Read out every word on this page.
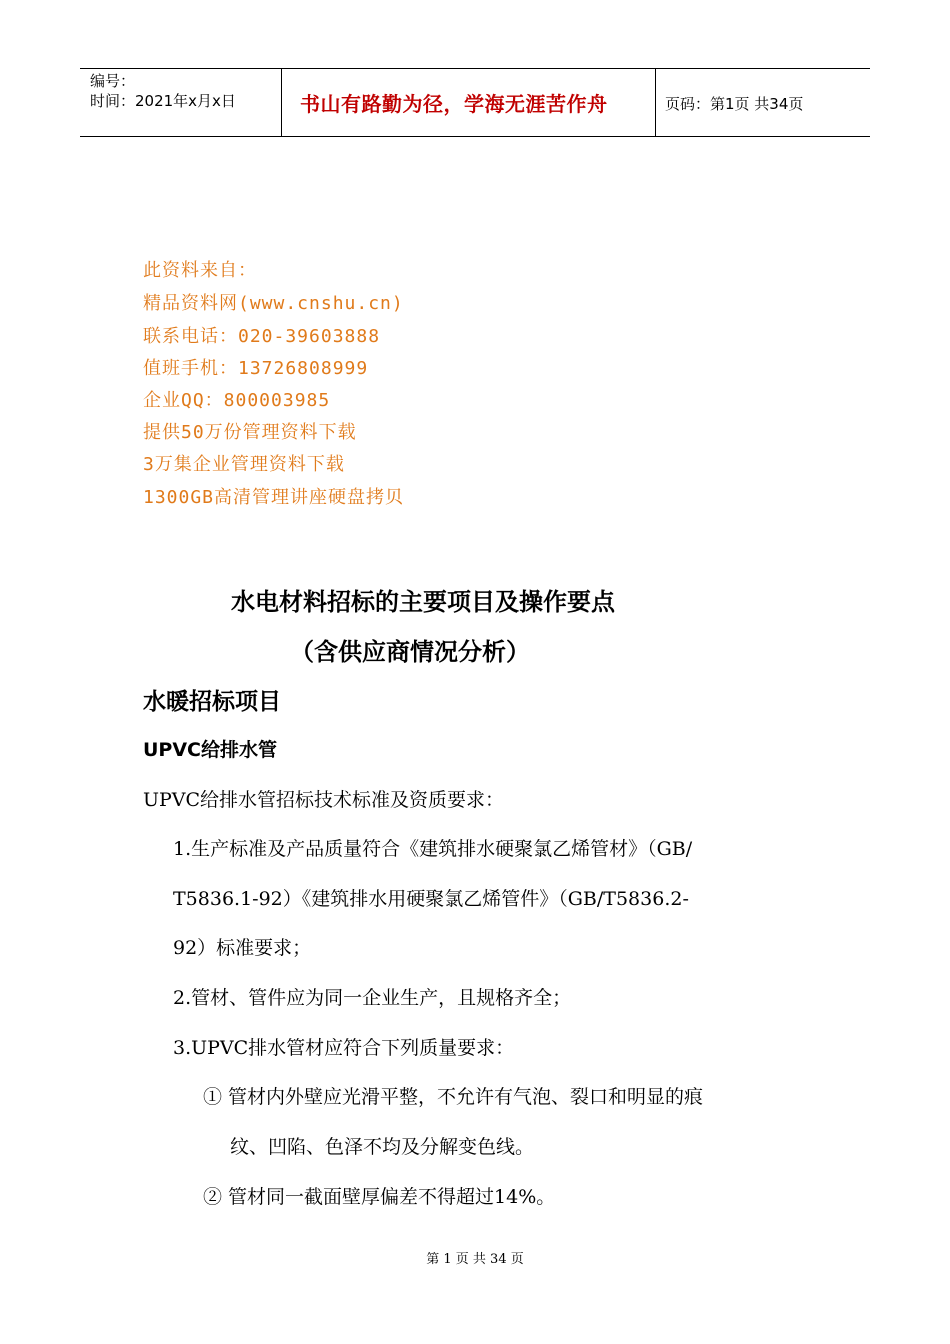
编号：
时间：2021年x月x日	书山有路勤为径，学海无涯苦作舟	页码：第1页 共34页
此资料来自：
精品资料网(www.cnshu.cn)
联系电话：020-39603888
值班手机：13726808999
企业QQ：800003985
提供50万份管理资料下载
3万集企业管理资料下载
1300GB高清管理讲座硬盘拷贝
水电材料招标的主要项目及操作要点
（含供应商情况分析）
水暖招标项目
UPVC给排水管
UPVC给排水管招标技术标准及资质要求：
1.生产标准及产品质量符合《建筑排水硬聚氯乙烯管材》（GB/
T5836.1-92）《建筑排水用硬聚氯乙烯管件》（GB/T5836.2-
92）标准要求；
2.管材、管件应为同一企业生产，且规格齐全；
3.UPVC排水管材应符合下列质量要求：
① 管材内外壁应光滑平整，不允许有气泡、裂口和明显的痕
纹、凹陷、色泽不均及分解变色线。
② 管材同一截面壁厚偏差不得超过14%。
第 1 页 共 34 页
